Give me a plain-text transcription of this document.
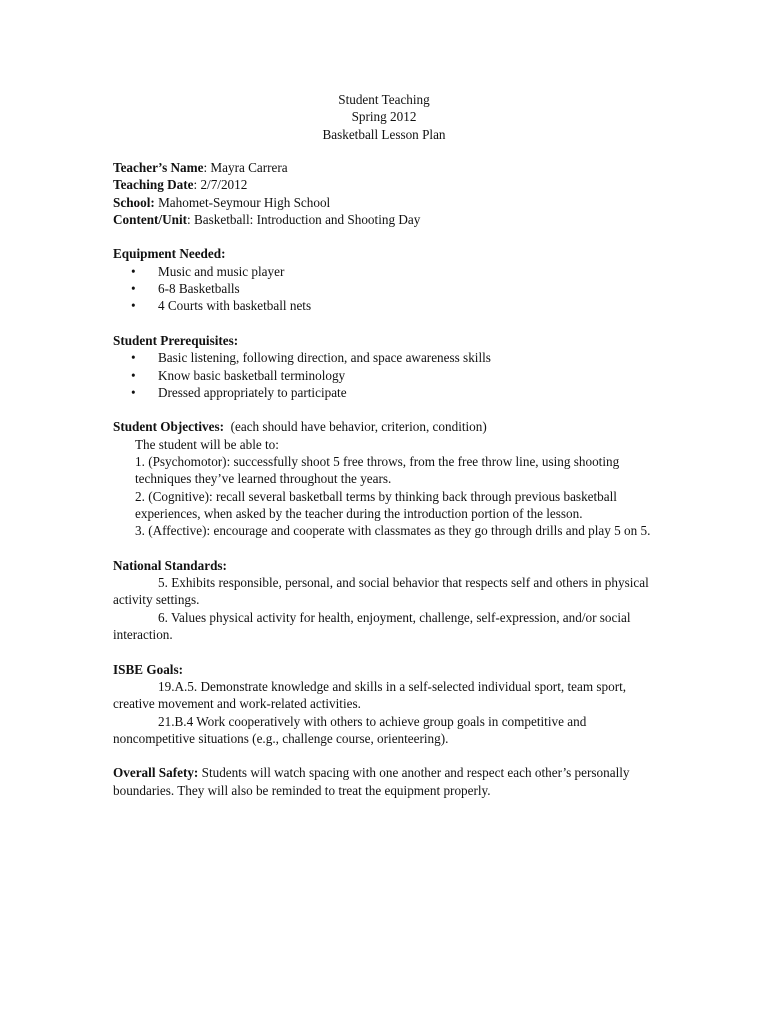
Student Teaching
Spring 2012
Basketball Lesson Plan
Teacher’s Name: Mayra Carrera
Teaching Date: 2/7/2012
School: Mahomet-Seymour High School
Content/Unit: Basketball: Introduction and Shooting Day
Equipment Needed:
• Music and music player
• 6-8 Basketballs
• 4 Courts with basketball nets
Student Prerequisites:
• Basic listening, following direction, and space awareness skills
• Know basic basketball terminology
• Dressed appropriately to participate
Student Objectives:  (each should have behavior, criterion, condition)
The student will be able to:
1. (Psychomotor): successfully shoot 5 free throws, from the free throw line, using shooting techniques they’ve learned throughout the years.
2. (Cognitive): recall several basketball terms by thinking back through previous basketball experiences, when asked by the teacher during the introduction portion of the lesson.
3. (Affective): encourage and cooperate with classmates as they go through drills and play 5 on 5.
National Standards:
5. Exhibits responsible, personal, and social behavior that respects self and others in physical activity settings.
6. Values physical activity for health, enjoyment, challenge, self-expression, and/or social interaction.
ISBE Goals:
19.A.5. Demonstrate knowledge and skills in a self-selected individual sport, team sport, creative movement and work-related activities.
21.B.4 Work cooperatively with others to achieve group goals in competitive and noncompetitive situations (e.g., challenge course, orienteering).
Overall Safety: Students will watch spacing with one another and respect each other’s personally boundaries. They will also be reminded to treat the equipment properly.
